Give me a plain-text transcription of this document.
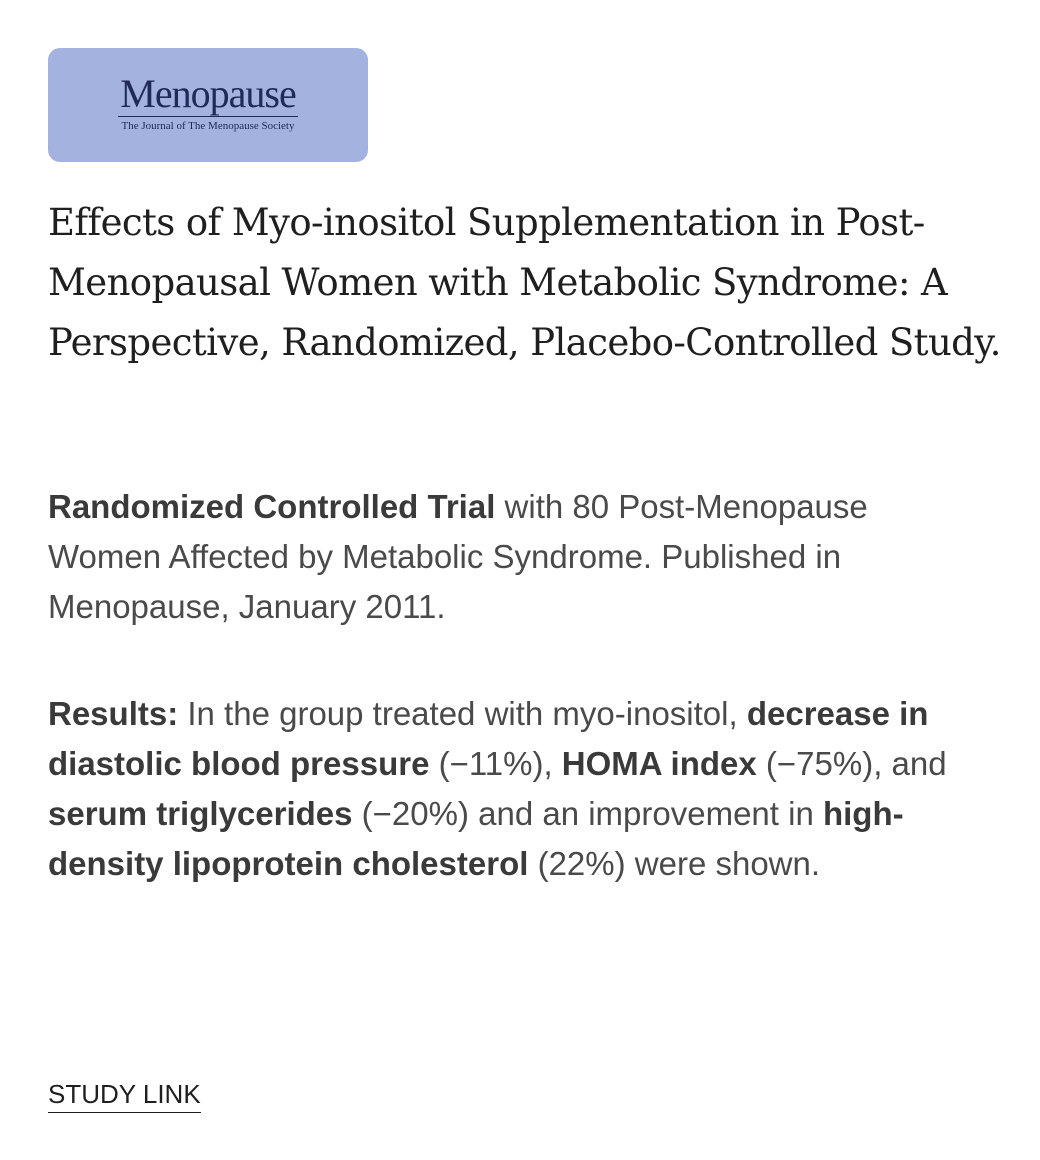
Menopause
The Journal of The Menopause Society
Effects of Myo-inositol Supplementation in Post-Menopausal Women with Metabolic Syndrome: A Perspective, Randomized, Placebo-Controlled Study.

Randomized Controlled Trial with 80 Post-Menopause Women Affected by Metabolic Syndrome. Published in Menopause, January 2011.

Results: In the group treated with myo-inositol, decrease in diastolic blood pressure (−11%), HOMA index (−75%), and serum triglycerides (−20%) and an improvement in high-density lipoprotein cholesterol (22%) were shown.

STUDY LINK
